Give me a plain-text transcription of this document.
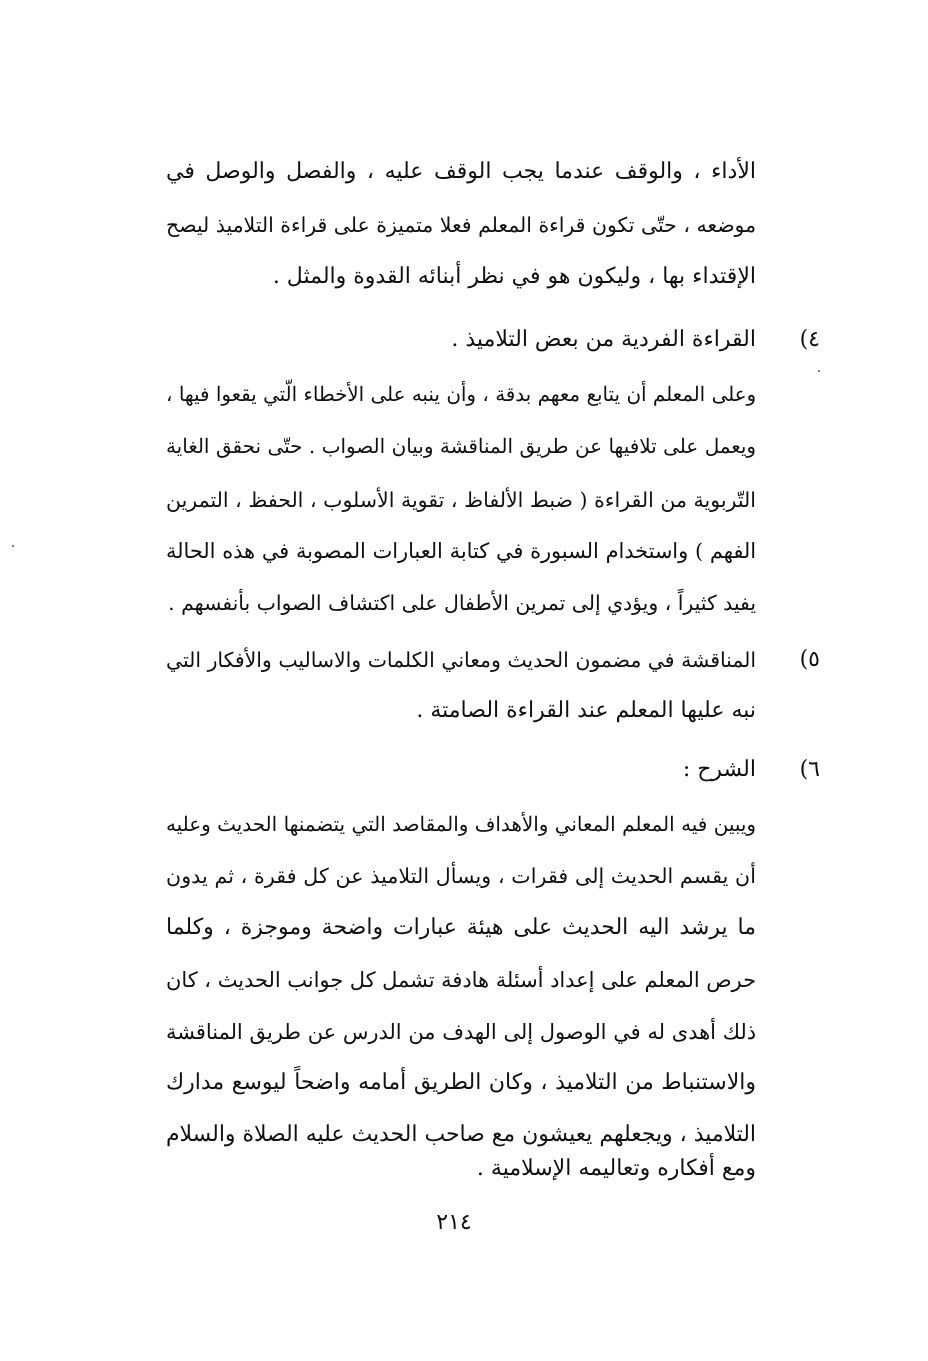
الأداء ، والوقف عندما يجب الوقف عليه ، والفصل والوصل في
موضعه ، حتّى تكون قراءة المعلم فعلا متميزة على قراءة التلاميذ ليصح
الإقتداء بها ، وليكون هو في نظر أبنائه القدوة والمثل .
٤)
القراءة الفردية من بعض التلاميذ .
وعلى المعلم أن يتابع معهم بدقة ، وأن ينبه على الأخطاء الّتي يقعوا فيها ،
ويعمل على تلافيها عن طريق المناقشة وبيان الصواب . حتّى نحقق الغاية
التّربوية من القراءة ( ضبط الألفاظ ، تقوية الأسلوب ، الحفظ ، التمرين
الفهم ) واستخدام السبورة في كتابة العبارات المصوبة في هذه الحالة
يفيد كثيراً ، ويؤدي إلى تمرين الأطفال على اكتشاف الصواب بأنفسهم .
٥)
المناقشة في مضمون الحديث ومعاني الكلمات والاساليب والأفكار التي
نبه عليها المعلم عند القراءة الصامتة .
٦)
الشرح :
ويبين فيه المعلم المعاني والأهداف والمقاصد التي يتضمنها الحديث وعليه
أن يقسم الحديث إلى فقرات ، ويسأل التلاميذ عن كل فقرة ، ثم يدون
ما يرشد اليه الحديث على هيئة عبارات واضحة وموجزة ، وكلما
حرص المعلم على إعداد أسئلة هادفة تشمل كل جوانب الحديث ، كان
ذلك أهدى له في الوصول إلى الهدف من الدرس عن طريق المناقشة
والاستنباط من التلاميذ ، وكان الطريق أمامه واضحاً ليوسع مدارك
التلاميذ ، ويجعلهم يعيشون مع صاحب الحديث عليه الصلاة والسلام
ومع أفكاره وتعاليمه الإسلامية .
٢١٤
